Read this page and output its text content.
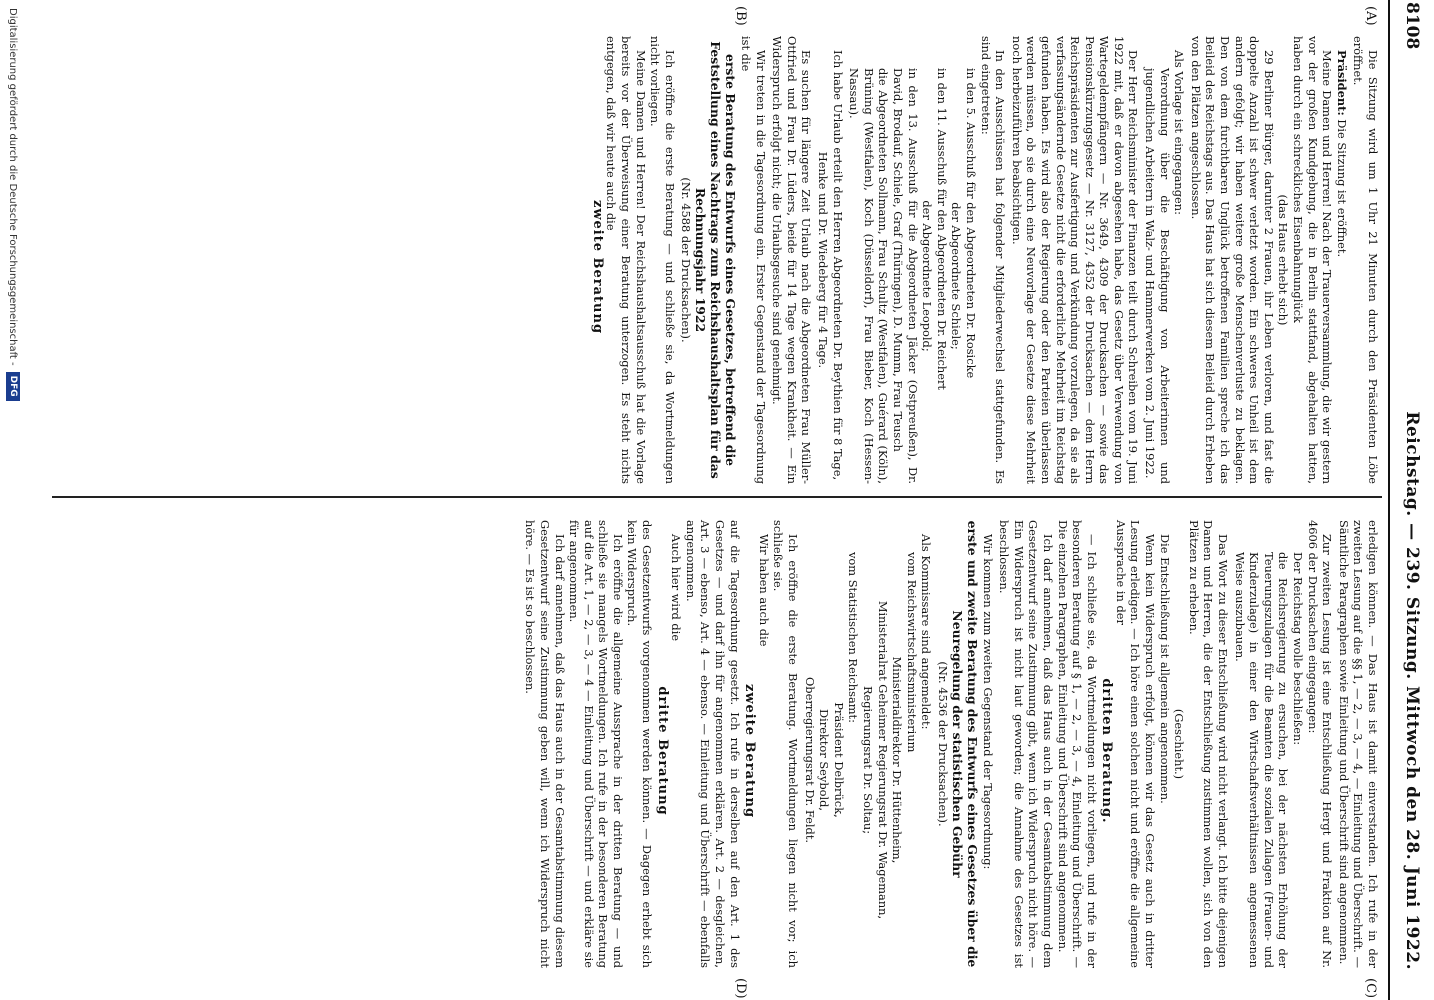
8108
Reichstag. — 239. Sitzung. Mittwoch den 28. Juni 1922.
(A)
(B)
(C)
(D)

Die Sitzung wird um 1 Uhr 21 Minuten durch den Präsidenten Löbe eröffnet.

Präsident: Die Sitzung ist eröffnet.

Meine Damen und Herren! Nach der Trauerversammlung, die wir gestern vor der großen Kundgebung, die in Berlin stattfand, abgehalten hatten, haben durch ein schreckliches Eisenbahnunglück

(das Haus erhebt sich)

29 Berliner Bürger, darunter 2 Frauen, ihr Leben verloren, und fast die doppelte Anzahl ist schwer verletzt worden. Ein schweres Unheil ist dem andern gefolgt; wir haben weitere große Menschenverluste zu beklagen. Den von dem furchtbaren Unglück betroffenen Familien spreche ich das Beileid des Reichstags aus. Das Haus hat sich diesem Beileid durch Erheben von den Plätzen angeschlossen.

Als Vorlage ist eingegangen:

Verordnung über die Beschäftigung von Arbeiterinnen und jugendlichen Arbeitern in Walz- und Hammerwerken vom 2. Juni 1922.

Der Herr Reichsminister der Finanzen teilt durch Schreiben vom 19. Juni 1922 mit, daß er davon abgesehen habe, das Gesetz über Verwendung von Wartegeldempfängern — Nr. 3649, 4309 der Drucksachen — sowie das Pensionskürzungsgesetz — Nr. 3127, 4352 der Drucksachen — dem Herrn Reichspräsidenten zur Ausfertigung und Verkündung vorzulegen, da sie als verfassungsändernde Gesetze nicht die erforderliche Mehrheit im Reichstag gefunden haben. Es wird also der Regierung oder den Parteien überlassen werden müssen, ob sie durch eine Neuvorlage der Gesetze diese Mehrheit noch herbeizuführen beabsichtigen.

In den Ausschüssen hat folgender Mitgliederwechsel stattgefunden. Es sind eingetreten:

in den 5. Ausschuß für den Abgeordneten Dr. Rosicke

der Abgeordnete Schiele;

in den 11. Ausschuß für den Abgeordneten Dr. Reichert

der Abgeordnete Leopold;

in den 13. Ausschuß für die Abgeordneten Jäcker (Ostpreußen), Dr. David, Brodauf, Schiele, Graf (Thüringen), D. Mumm, Frau Teusch

die Abgeordneten Sollmann, Frau Schultz (Westfalen), Guérard (Köln), Brüning (Westfalen), Koch (Düsseldorf), Frau Bieber, Koch (Hessen-Nassau).

Ich habe Urlaub erteilt den Herren Abgeordneten Dr. Beythien für 8 Tage,

Henke und Dr. Wiedeberg für 4 Tage.

Es suchen für längere Zeit Urlaub nach die Abgeordneten Frau Müller-Ottfried und Frau Dr. Lüders, beide für 14 Tage wegen Krankheit. — Ein Widerspruch erfolgt nicht; die Urlaubsgesuche sind genehmigt.

Wir treten in die Tagesordnung ein. Erster Gegenstand der Tagesordnung ist die

erste Beratung des Entwurfs eines Gesetzes, betreffend die Feststellung eines Nachtrags zum Reichshaushaltsplan für das Rechnungsjahr 1922

(Nr. 4588 der Drucksachen).

Ich eröffne die erste Beratung — und schließe sie, da Wortmeldungen nicht vorliegen.

Meine Damen und Herren! Der Reichshaushaltsausschuß hat die Vorlage bereits vor der Überweisung einer Beratung unterzogen. Es steht nichts entgegen, daß wir heute auch die

zweite Beratung

erledigen können. — Das Haus ist damit einverstanden. Ich rufe in der zweiten Lesung auf die §§ 1, — 2, — 3, — 4, — Einleitung und Überschrift. — Sämtliche Paragraphen sowie Einleitung und Überschrift sind angenommen.

Zur zweiten Lesung ist eine Entschließung Hergt und Fraktion auf Nr. 4606 der Drucksachen eingegangen:

Der Reichstag wolle beschließen:

die Reichsregierung zu ersuchen, bei der nächsten Erhöhung der Teuerungszulagen für die Beamten die sozialen Zulagen (Frauen- und Kinderzulage) in einer den Wirtschaftsverhältnissen angemessenen Weise auszubauen.

Das Wort zu dieser Entschließung wird nicht verlangt. Ich bitte diejenigen Damen und Herren, die der Entschließung zustimmen wollen, sich von den Plätzen zu erheben.

(Geschieht.)

Die Entschließung ist allgemein angenommen.

Wenn kein Widerspruch erfolgt, können wir das Gesetz auch in dritter Lesung erledigen. — Ich höre einen solchen nicht und eröffne die allgemeine Aussprache in der

dritten Beratung.

— Ich schließe sie, da Wortmeldungen nicht vorliegen, und rufe in der besonderen Beratung auf § 1, — 2, — 3, — 4, Einleitung und Überschrift. — Die einzelnen Paragraphen, Einleitung und Überschrift sind angenommen.

Ich darf annehmen, daß das Haus auch in der Gesamtabstimmung dem Gesetzentwurf seine Zustimmung gibt, wenn ich Widerspruch nicht höre. — Ein Widerspruch ist nicht laut geworden; die Annahme des Gesetzes ist beschlossen.

Wir kommen zum zweiten Gegenstand der Tagesordnung:

erste und zweite Beratung des Entwurfs eines Gesetzes über die Neuregelung der statistischen Gebühr

(Nr. 4536 der Drucksachen).

Als Kommissare sind angemeldet:

vom Reichswirtschaftsministerium

Ministerialdirektor Dr. Hüttenheim,

Ministerialrat Geheimer Regierungsrat Dr. Wagemann,

Regierungsrat Dr. Soltau;

vom Statistischen Reichsamt:

Präsident Delbrück,

Direktor Seybold,

Oberregierungsrat Dr. Feldt.

Ich eröffne die erste Beratung. Wortmeldungen liegen nicht vor; ich schließe sie.

Wir haben auch die

zweite Beratung

auf die Tagesordnung gesetzt. Ich rufe in derselben auf den Art. 1 des Gesetzes — und darf ihn für angenommen erklären. Art. 2 — desgleichen, Art. 3 — ebenso, Art. 4 — ebenso. — Einleitung und Überschrift — ebenfalls angenommen.

Auch hier wird die

dritte Beratung

des Gesetzentwurfs vorgenommen werden können. — Dagegen erhebt sich kein Widerspruch.

Ich eröffne die allgemeine Aussprache in der dritten Beratung — und schließe sie mangels Wortmeldungen. Ich rufe in der besonderen Beratung auf die Art. 1, — 2, — 3, — 4 — Einleitung und Überschrift — und erkläre sie für angenommen.

Ich darf annehmen, daß das Haus auch in der Gesamtabstimmung diesem Gesetzentwurf seine Zustimmung geben will, wenn ich Widerspruch nicht höre. — Es ist so beschlossen.

Digitalisierung gefördert durch die Deutsche Forschungsgemeinschaft -
DFG
